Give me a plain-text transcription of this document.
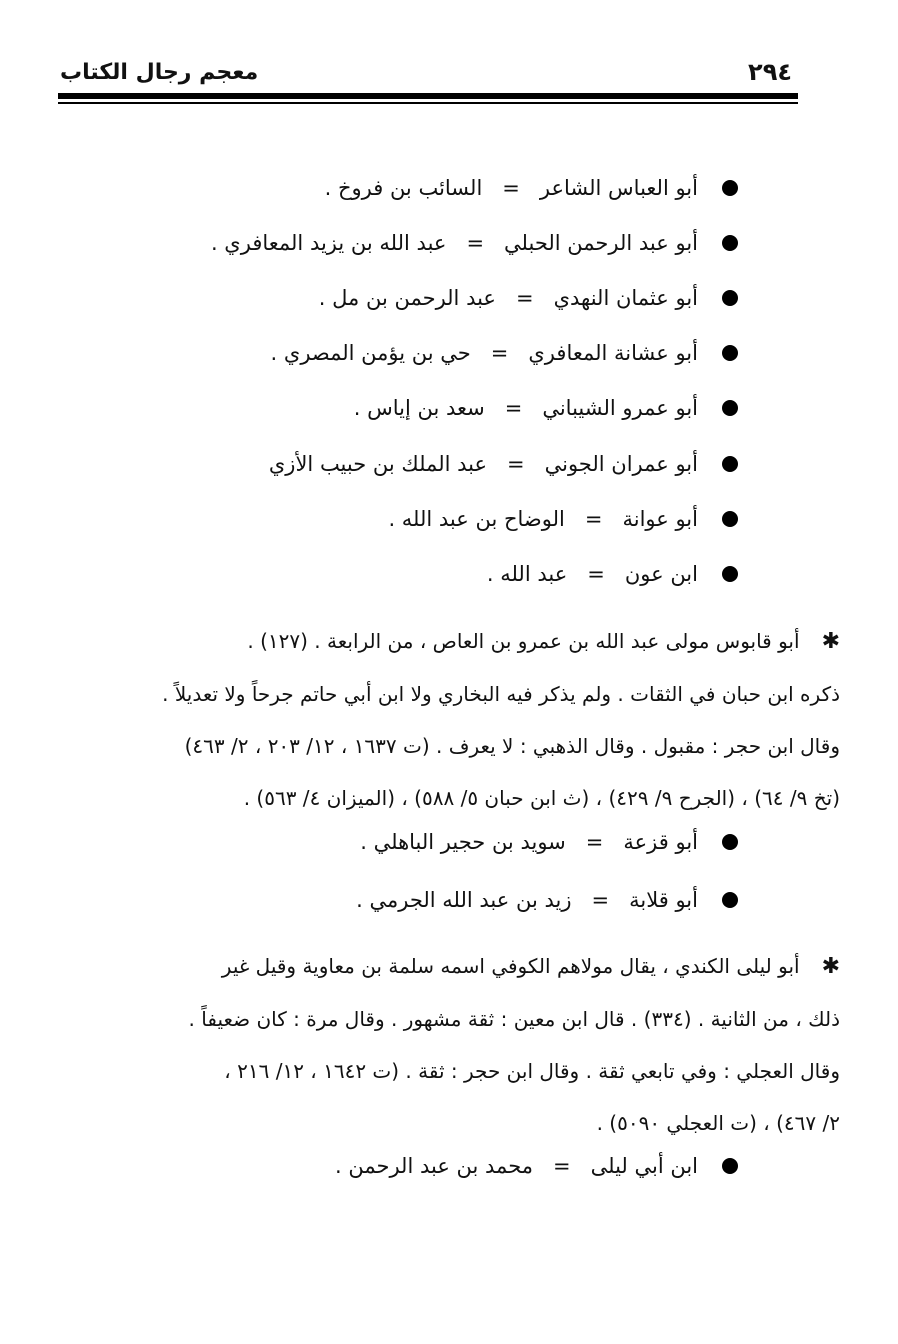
معجم رجال الكتاب	٢٩٤
أبو العباس الشاعر
=
السائب بن فروخ .
أبو عبد الرحمن الحبلي
=
عبد الله بن يزيد المعافري .
أبو عثمان النهدي
=
عبد الرحمن بن مل .
أبو عشانة المعافري
=
حي بن يؤمن المصري .
أبو عمرو الشيباني
=
سعد بن إياس .
أبو عمران الجوني
=
عبد الملك بن حبيب الأزي
أبو عوانة
=
الوضاح بن عبد الله .
ابن عون
=
عبد الله .

✱أبو قابوس مولى عبد الله بن عمرو بن العاص ، من الرابعة . (١٢٧) .

ذكره ابن حبان في الثقات . ولم يذكر فيه البخاري ولا ابن أبي حاتم جرحاً ولا تعديلاً .

وقال ابن حجر : مقبول . وقال الذهبي : لا يعرف . (ت ١٦٣٧ ، ١٢/ ٢٠٣ ، ٢/ ٤٦٣)

(تخ ٩/ ٦٤) ، (الجرح ٩/ ٤٢٩) ، (ث ابن حبان ٥/ ٥٨٨) ، (الميزان ٤/ ٥٦٣) .

أبو قزعة
=
سويد بن حجير الباهلي .
أبو قلابة
=
زيد بن عبد الله الجرمي .

✱أبو ليلى الكندي ، يقال مولاهم الكوفي اسمه سلمة بن معاوية وقيل غير

ذلك ، من الثانية . (٣٣٤) . قال ابن معين : ثقة مشهور . وقال مرة : كان ضعيفاً .

وقال العجلي : وفي تابعي ثقة . وقال ابن حجر : ثقة . (ت ١٦٤٢ ، ١٢/ ٢١٦ ،

٢/ ٤٦٧) ، (ت العجلي ٥٠٩٠) .

ابن أبي ليلى
=
محمد بن عبد الرحمن .
